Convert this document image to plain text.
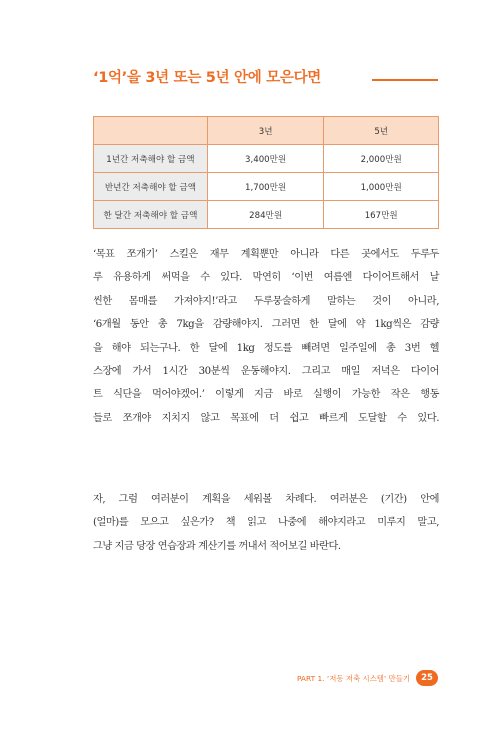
‘1억’을 3년 또는 5년 안에 모은다면
	3년	5년
1년간 저축해야 할 금액	3,400만원	2,000만원
반년간 저축해야 할 금액	1,700만원	1,000만원
한 달간 저축해야 할 금액	284만원	167만원
‘목표 쪼개기’ 스킬은 재무 계획뿐만 아니라 다른 곳에서도 두루두
루 유용하게 써먹을 수 있다. 막연히 ‘이번 여름엔 다이어트해서 날
씬한 몸매를 가져야지!’라고 두루뭉술하게 말하는 것이 아니라,
‘6개월 동안 총 7kg을 감량해야지. 그러면 한 달에 약 1kg씩은 감량
을 해야 되는구나. 한 달에 1kg 정도를 빼려면 일주일에 총 3번 헬
스장에 가서 1시간 30분씩 운동해야지. 그리고 매일 저녁은 다이어
트 식단을 먹어야겠어.’ 이렇게 지금 바로 실행이 가능한 작은 행동
들로 쪼개야 지치지 않고 목표에 더 쉽고 빠르게 도달할 수 있다.
자, 그럼 여러분이 계획을 세워볼 차례다. 여러분은 (기간) 안에
(얼마)를 모으고 싶은가? 책 읽고 나중에 해야지라고 미루지 말고,
그냥 지금 당장 연습장과 계산기를 꺼내서 적어보길 바란다.
PART 1. ‘저동 저축 시스템’ 만들기	25
